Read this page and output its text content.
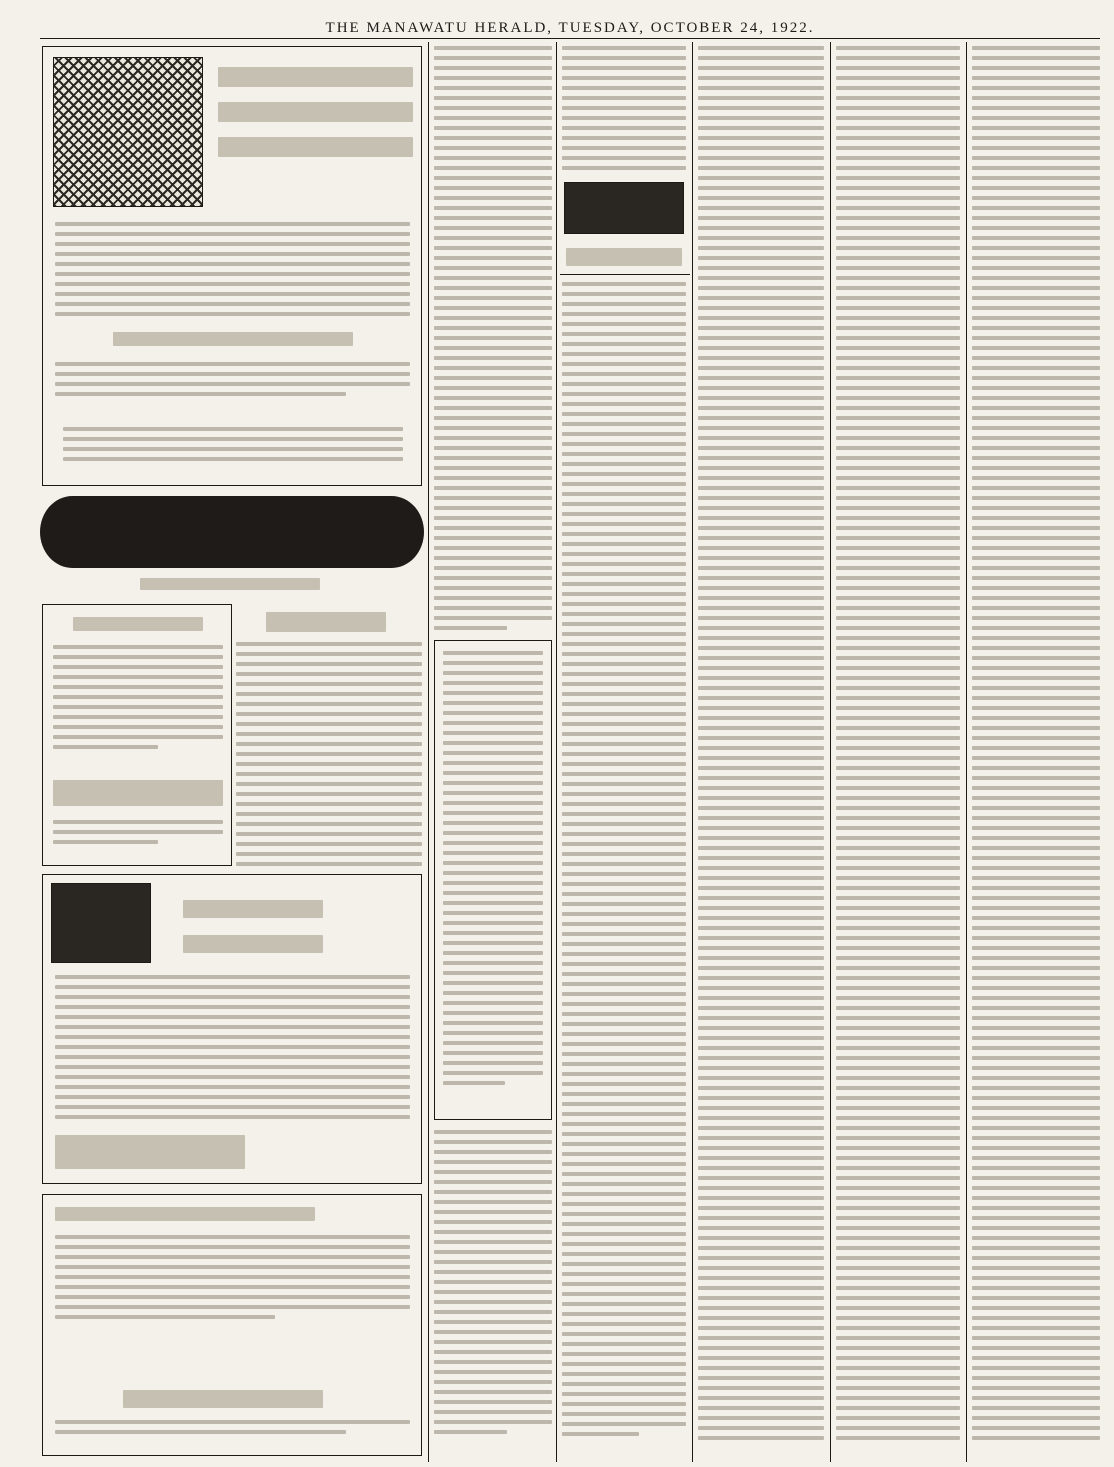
THE MANAWATU HERALD, TUESDAY, OCTOBER 24, 1922.
